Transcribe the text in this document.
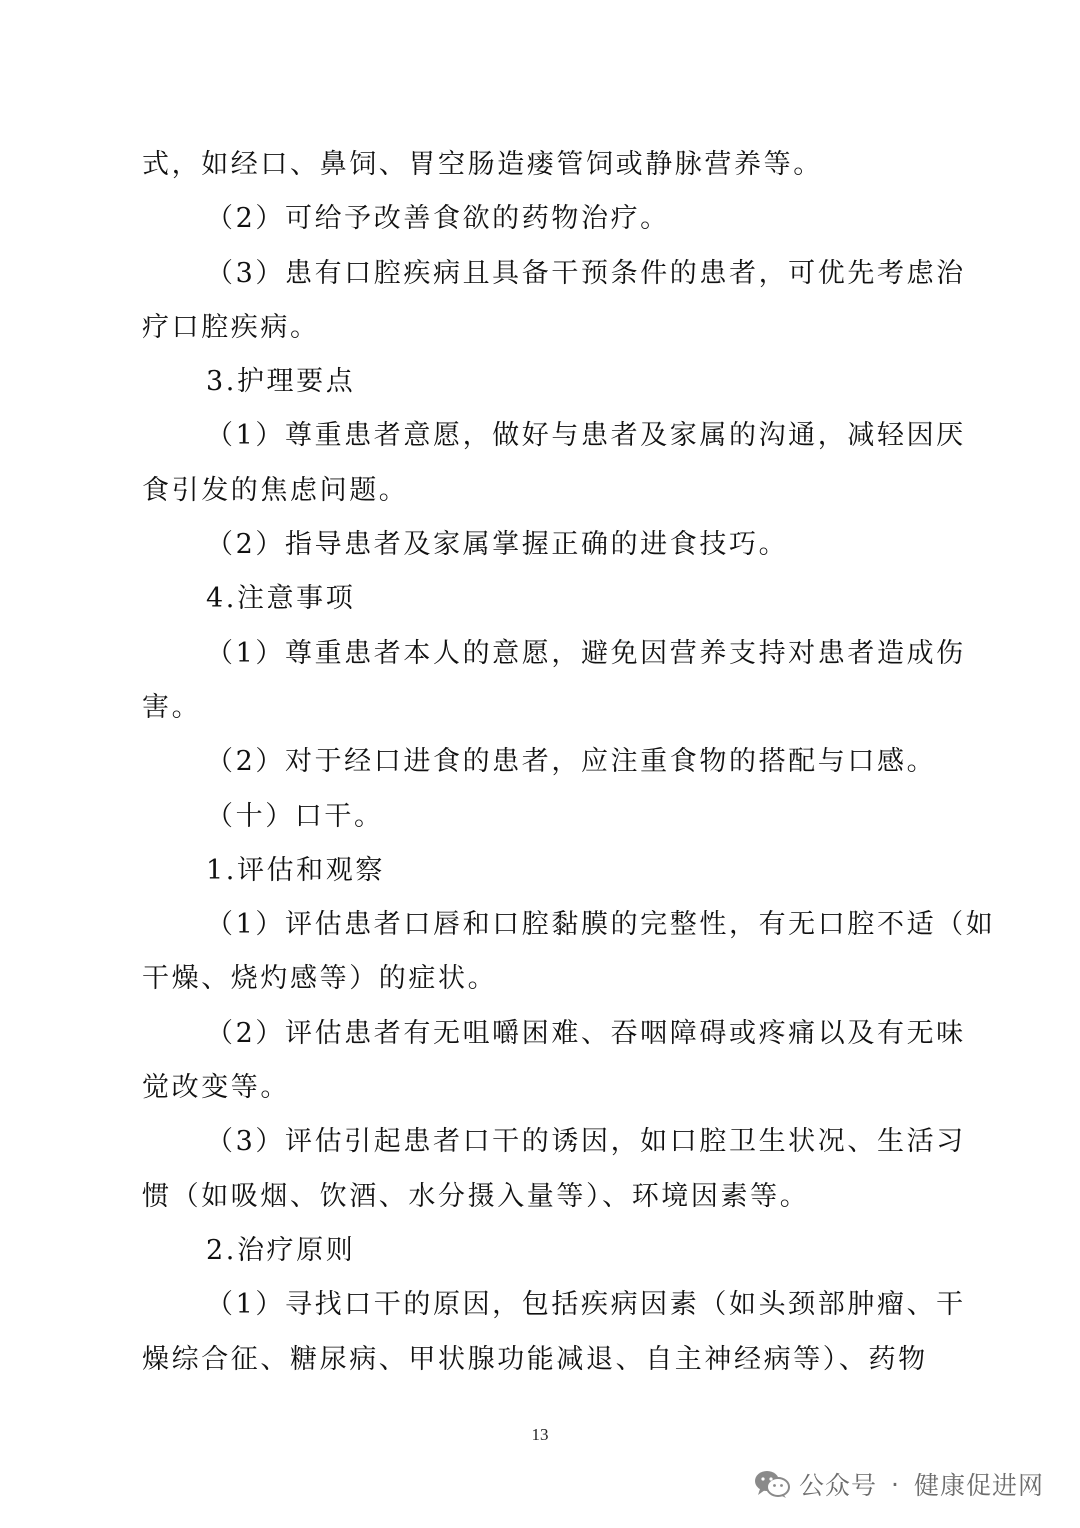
式，如经口、鼻饲、胃空肠造瘘管饲或静脉营养等。
（2）可给予改善食欲的药物治疗。
（3）患有口腔疾病且具备干预条件的患者，可优先考虑治
疗口腔疾病。
3.护理要点
（1）尊重患者意愿，做好与患者及家属的沟通，减轻因厌
食引发的焦虑问题。
（2）指导患者及家属掌握正确的进食技巧。
4.注意事项
（1）尊重患者本人的意愿，避免因营养支持对患者造成伤
害。
（2）对于经口进食的患者，应注重食物的搭配与口感。
（十）口干。
1.评估和观察
（1）评估患者口唇和口腔黏膜的完整性，有无口腔不适（如
干燥、烧灼感等）的症状。
（2）评估患者有无咀嚼困难、吞咽障碍或疼痛以及有无味
觉改变等。
（3）评估引起患者口干的诱因，如口腔卫生状况、生活习
惯（如吸烟、饮酒、水分摄入量等）、环境因素等。
2.治疗原则
（1）寻找口干的原因，包括疾病因素（如头颈部肿瘤、干
燥综合征、糖尿病、甲状腺功能减退、自主神经病等）、药物
13
公众号 · 健康促进网
